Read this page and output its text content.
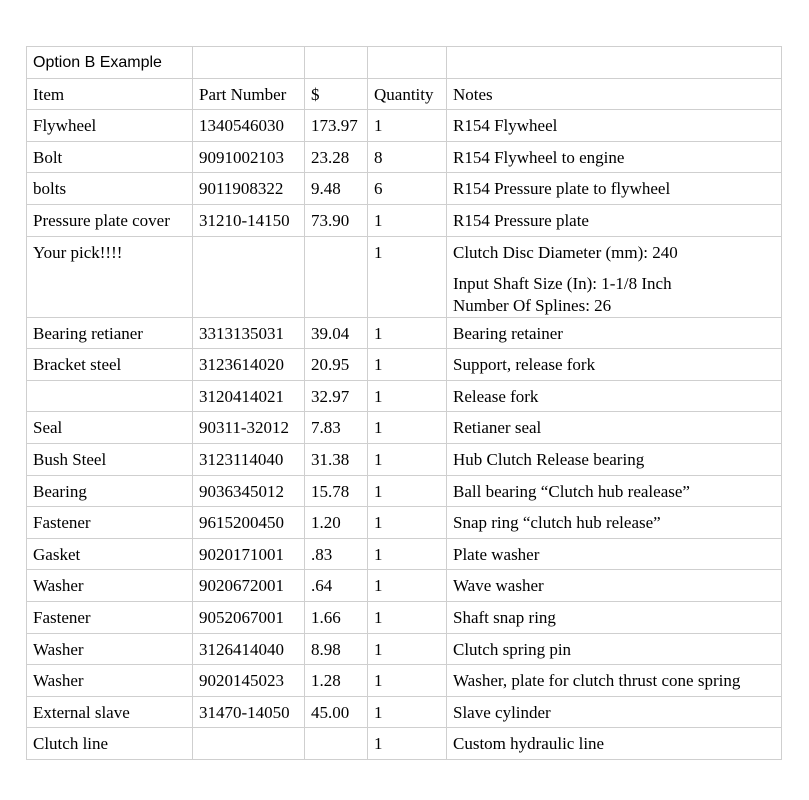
Option B Example				
Item	Part Number	$	Quantity	Notes
Flywheel	1340546030	173.97	1	R154 Flywheel

Bolt	9091002103	23.28	8	R154 Flywheel to engine

bolts	9011908322	9.48	6	R154 Pressure plate to flywheel

Pressure plate cover	31210-14150	73.90	1	R154 Pressure plate

Your pick!!!!			1	Clutch Disc Diameter (mm): 240
Input Shaft Size (In): 1-1/8 Inch
Number Of Splines: 26

Bearing retianer	3313135031	39.04	1	Bearing retainer

Bracket steel	3123614020	20.95	1	Support, release fork

	3120414021	32.97	1	Release fork

Seal	90311-32012	7.83	1	Retianer seal

Bush Steel	3123114040	31.38	1	Hub Clutch Release bearing

Bearing	9036345012	15.78	1	Ball bearing “Clutch hub realease”

Fastener	9615200450	1.20	1	Snap ring “clutch hub release”

Gasket	9020171001	.83	1	Plate washer

Washer	9020672001	.64	1	Wave washer

Fastener	9052067001	1.66	1	Shaft snap ring

Washer	3126414040	8.98	1	Clutch spring pin

Washer	9020145023	1.28	1	Washer, plate for clutch thrust cone spring

External slave	31470-14050	45.00	1	Slave cylinder

Clutch line			1	Custom hydraulic line
